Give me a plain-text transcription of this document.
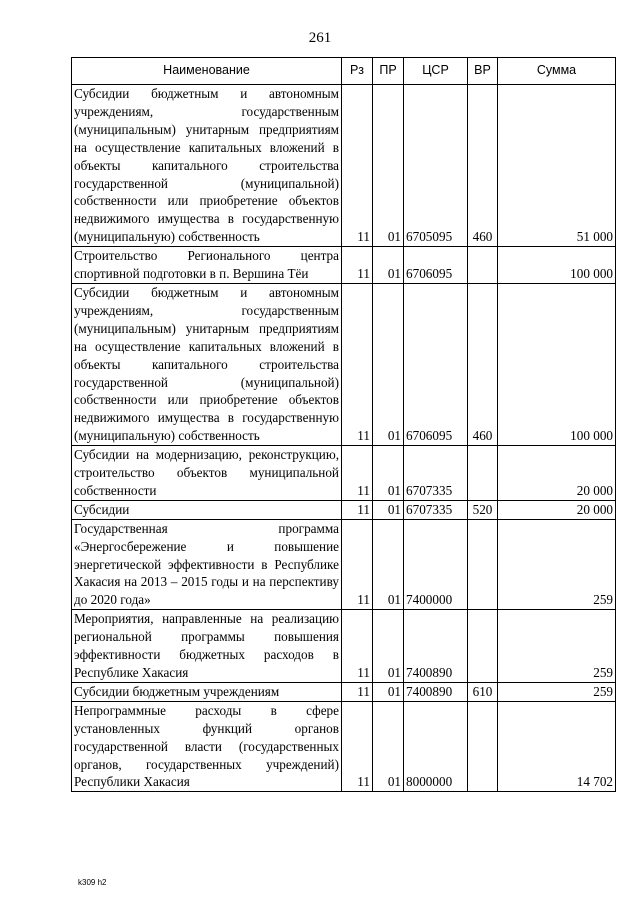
261
Наименование	Рз	ПР	ЦСР	ВР	Сумма
Субсидии бюджетным и автономным учреждениям, государственным (муниципальным) унитарным предприятиям на осуществление капитальных вложений в объекты капитального строительства государственной (муниципальной) собственности или приобретение объектов недвижимого имущества в государственную (муниципальную) собственность	11	01	6705095	460	51 000
Строительство Регионального центра спортивной подготовки в п. Вершина Тёи	11	01	6706095		100 000
Субсидии бюджетным и автономным учреждениям, государственным (муниципальным) унитарным предприятиям на осуществление капитальных вложений в объекты капитального строительства государственной (муниципальной) собственности или приобретение объектов недвижимого имущества в государственную (муниципальную) собственность	11	01	6706095	460	100 000
Субсидии на модернизацию, реконструкцию, строительство объектов муниципальной собственности	11	01	6707335		20 000
Субсидии	11	01	6707335	520	20 000
Государственная программа «Энергосбережение и повышение энергетической эффективности в Республике Хакасия на 2013 – 2015 годы и на перспективу до 2020 года»	11	01	7400000		259
Мероприятия, направленные на реализацию региональной программы повышения эффективности бюджетных расходов в Республике Хакасия	11	01	7400890		259
Субсидии бюджетным учреждениям	11	01	7400890	610	259
Непрограммные расходы в сфере установленных функций органов государственной власти (государственных органов, государственных учреждений) Республики Хакасия	11	01	8000000		14 702
k309 h2
